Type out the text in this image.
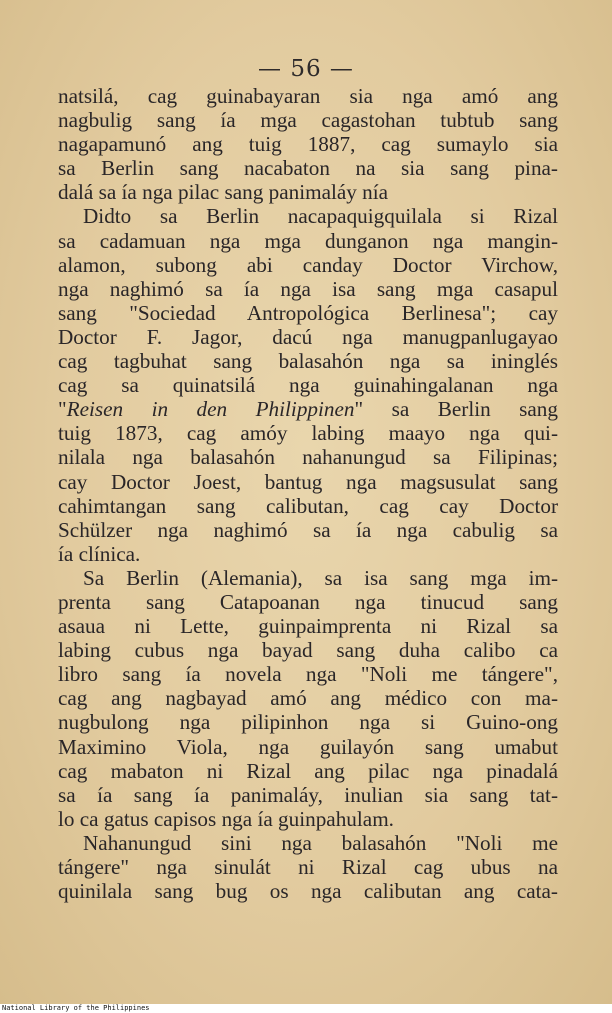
— 56 —
natsilá, cag guinabayaran sia nga amó ang
nagbulig sang ía mga cagastohan tubtub sang
nagapamunó ang tuig 1887, cag sumaylo sia
sa Berlin sang nacabaton na sia sang pina-
dalá sa ía nga pilac sang panimaláy nía
Didto sa Berlin nacapaquigquilala si Rizal
sa cadamuan nga mga dunganon nga mangin-
alamon, subong abi canday Doctor Virchow,
nga naghimó sa ía nga isa sang mga casapul
sang "Sociedad Antropológica Berlinesa"; cay
Doctor F. Jagor, dacú nga manugpanlugayao
cag tagbuhat sang balasahón nga sa ininglés
cag sa quinatsilá nga guinahingalanan nga
"Reisen in den Philippinen" sa Berlin sang
tuig 1873, cag amóy labing maayo nga qui-
nilala nga balasahón nahanungud sa Filipinas;
cay Doctor Joest, bantug nga magsusulat sang
cahimtangan sang calibutan, cag cay Doctor
Schülzer nga naghimó sa ía nga cabulig sa
ía clínica.
Sa Berlin (Alemania), sa isa sang mga im-
prenta sang Catapoanan nga tinucud sang
asaua ni Lette, guinpaimprenta ni Rizal sa
labing cubus nga bayad sang duha calibo ca
libro sang ía novela nga "Noli me tángere",
cag ang nagbayad amó ang médico con ma-
nugbulong nga pilipinhon nga si Guino-ong
Maximino Viola, nga guilayón sang umabut
cag mabaton ni Rizal ang pilac nga pinadalá
sa ía sang ía panimaláy, inulian sia sang tat-
lo ca gatus capisos nga ía guinpahulam.
Nahanungud sini nga balasahón "Noli me
tángere" nga sinulát ni Rizal cag ubus na
quinilala sang bug os nga calibutan ang cata-
National Library of the Philippines
